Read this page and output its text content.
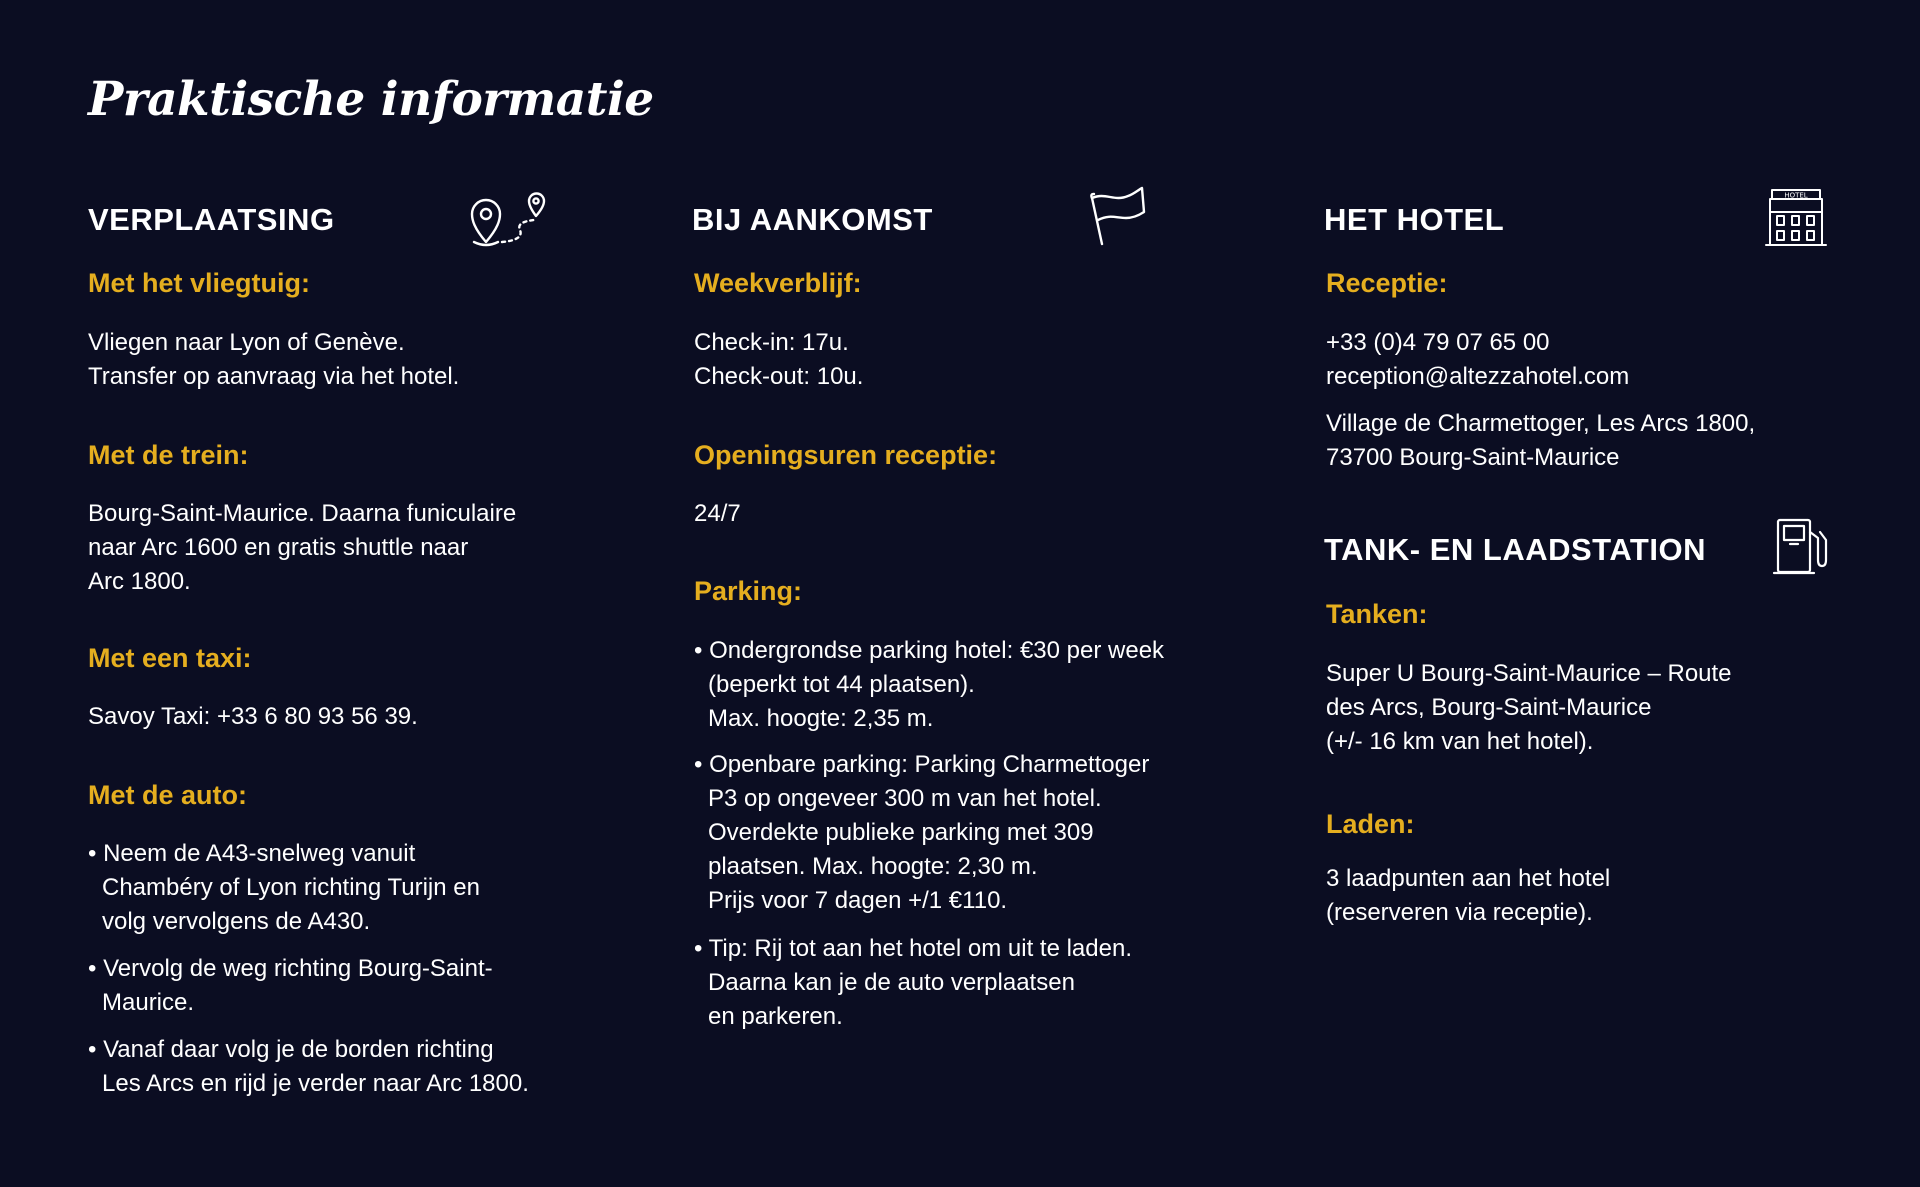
Praktische informatie
VERPLAATSING
Met het vliegtuig:
Vliegen naar Lyon of Genève.
Transfer op aanvraag via het hotel.
Met de trein:
Bourg-Saint-Maurice. Daarna funiculaire
naar Arc 1600 en gratis shuttle naar
Arc 1800.
Met een taxi:
Savoy Taxi: +33 6 80 93 56 39.
Met de auto:
• Neem de A43-snelweg vanuit
Chambéry of Lyon richting Turijn en
volg vervolgens de A430.
• Vervolg de weg richting Bourg-Saint-
Maurice.
• Vanaf daar volg je de borden richting
Les Arcs en rijd je verder naar Arc 1800.
BIJ AANKOMST
Weekverblijf:
Check-in: 17u.
Check-out: 10u.
Openingsuren receptie:
24/7
Parking:
• Ondergrondse parking hotel: €30 per week
(beperkt tot 44 plaatsen).
Max. hoogte: 2,35 m.
• Openbare parking: Parking Charmettoger
P3 op ongeveer 300 m van het hotel.
Overdekte publieke parking met 309
plaatsen. Max. hoogte: 2,30 m.
Prijs voor 7 dagen +/1 €110.
• Tip: Rij tot aan het hotel om uit te laden.
Daarna kan je de auto verplaatsen
en parkeren.
HET HOTEL
HOTEL
Receptie:
+33 (0)4 79 07 65 00
reception@altezzahotel.com
Village de Charmettoger, Les Arcs 1800,
73700 Bourg-Saint-Maurice
TANK- EN LAADSTATION
Tanken:
Super U Bourg-Saint-Maurice – Route
des Arcs, Bourg-Saint-Maurice
(+/- 16 km van het hotel).
Laden:
3 laadpunten aan het hotel
(reserveren via receptie).
